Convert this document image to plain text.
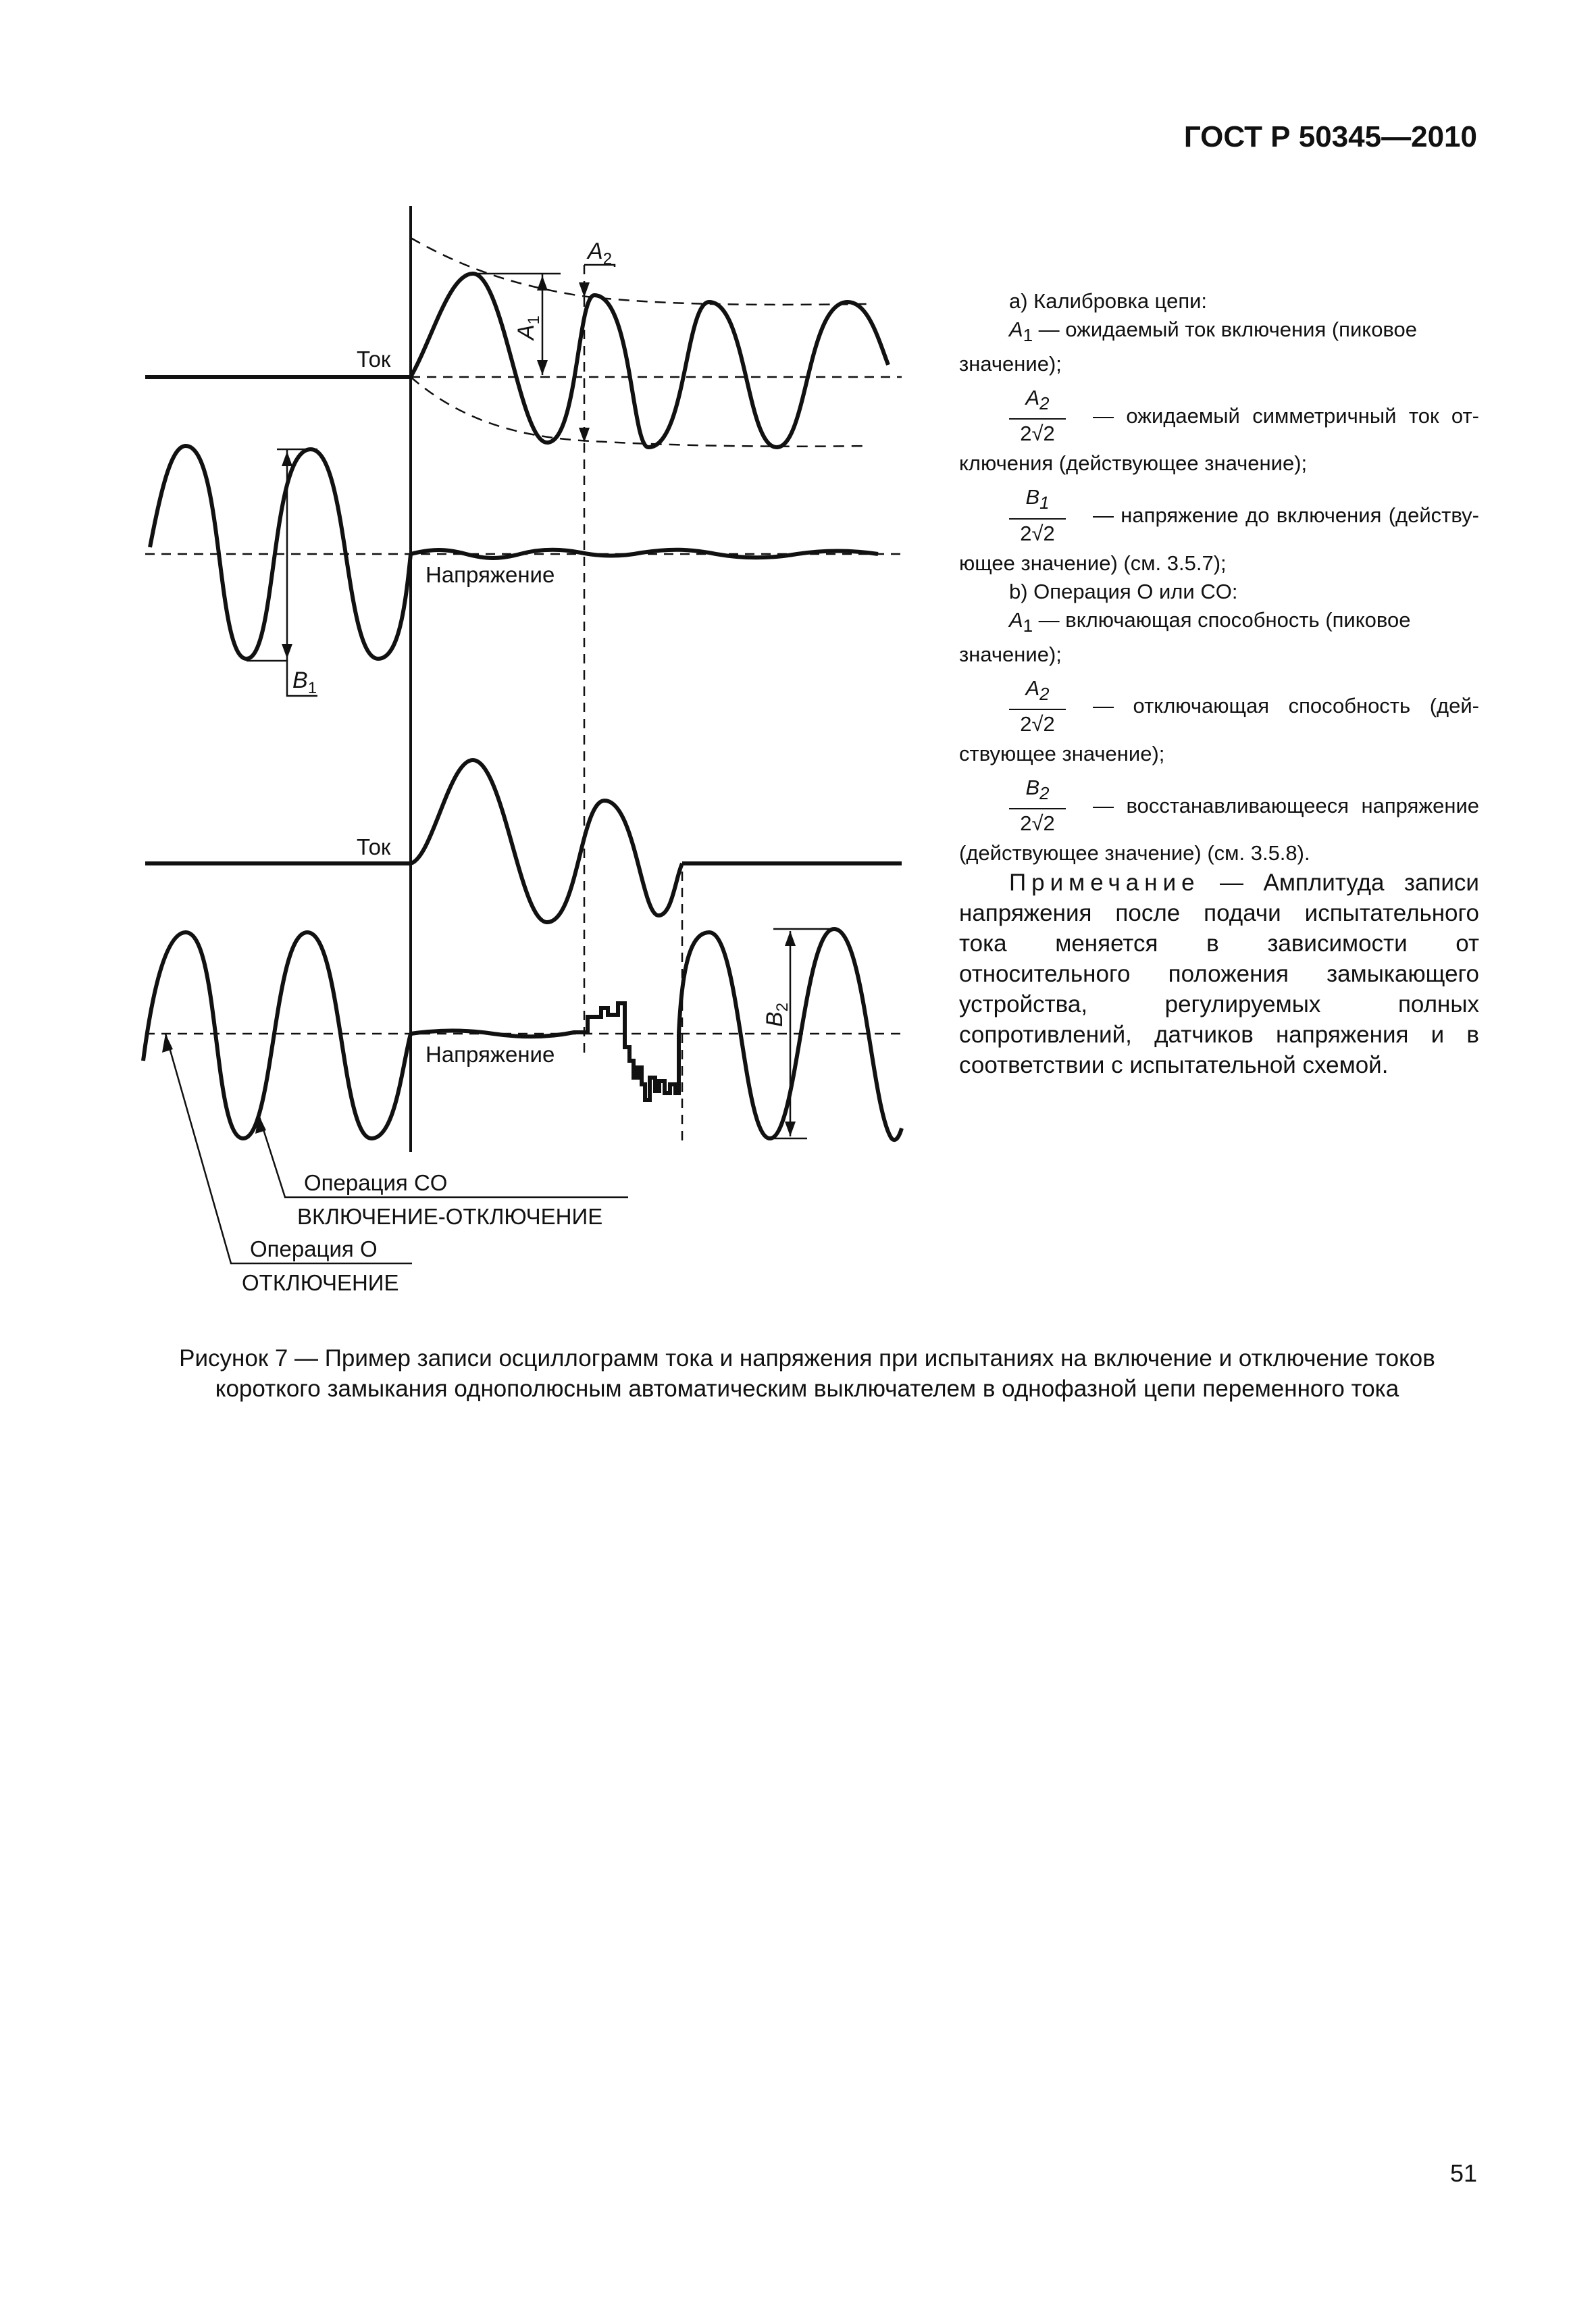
ГОСТ Р 50345—2010
Ток
Напряжение
Ток
Напряжение
$A_1$
$A_2$
$B_1$
$B_2$
Операция CO
ВКЛЮЧЕНИЕ-ОТКЛЮЧЕНИЕ
Операция О
ОТКЛЮЧЕНИЕ

а) Калибровка цепи:

$A_1$ — ожидаемый ток включения (пиковое значение);

$\frac{A_2}{2√2}$ — ожидаемый симметричный ток от-

ключения (действующее значение);

$\frac{B_1}{2√2}$ — напряжение до включения (действу-

ющее значение) (см. 3.5.7);

b) Операция O или CO:

$A_1$ — включающая способность (пиковое значение);

$\frac{A_2}{2√2}$ — отключающая способность (дей-

ствующее значение);

$\frac{B_2}{2√2}$ — восстанавливающееся напряжение

(действующее значение) (см. 3.5.8).

Примечание — Амплитуда записи напряжения после подачи испытательного тока меняется в зависимости от относительного положения замыкающего устройства, регулируемых полных сопротивлений, датчиков напряжения и в соответствии с испытательной схемой.

Рисунок 7 — Пример записи осциллограмм тока и напряжения при испытаниях на включение и отключение токов короткого замыкания однополюсным автоматическим выключателем в однофазной цепи переменного тока
51
